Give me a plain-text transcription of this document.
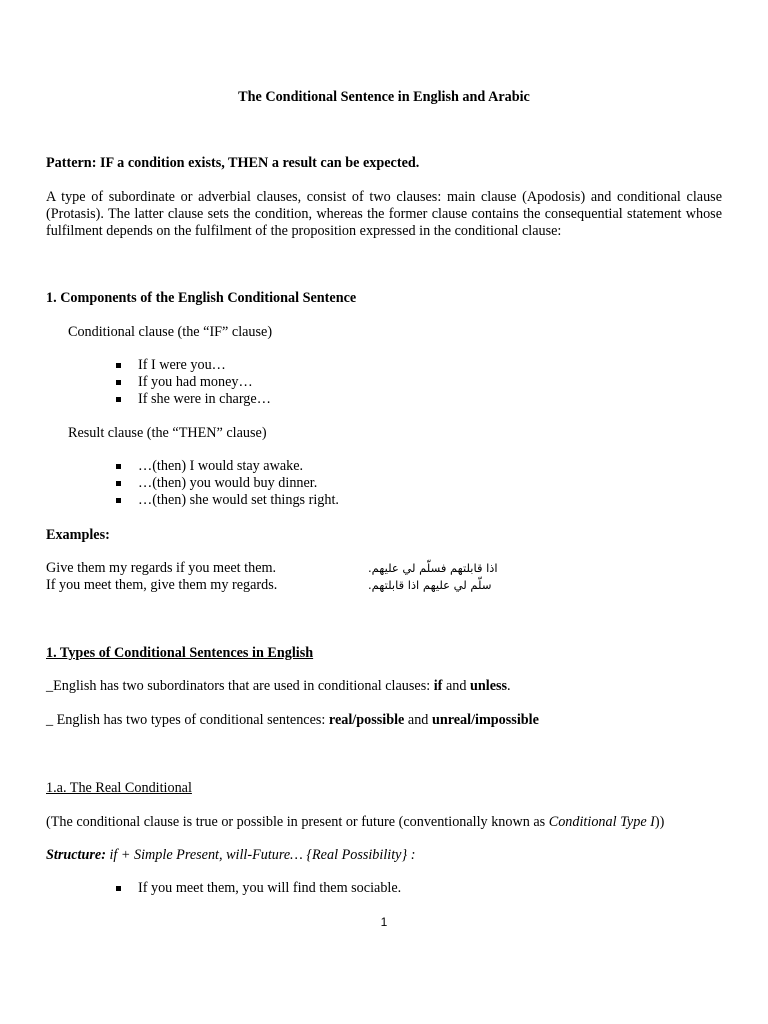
The Conditional Sentence in English and Arabic
Pattern: IF a condition exists, THEN a result can be expected.
A type of subordinate or adverbial clauses, consist of two clauses: main clause (Apodosis) and conditional clause (Protasis). The latter clause sets the condition, whereas the former clause contains the consequential statement whose fulfilment depends on the fulfilment of the proposition expressed in the conditional clause:
1. Components of the English Conditional Sentence
Conditional clause (the “IF” clause)
If I were you…
If you had money…
If she were in charge…
Result clause (the “THEN” clause)
…(then) I would stay awake.
…(then) you would buy dinner.
…(then) she would set things right.
Examples:
Give them my regards if you meet them.	اذا قابلتهم فسلّم لي عليهم.
If you meet them, give them my regards.	سلّم لي عليهم اذا قابلتهم.
1. Types of Conditional Sentences in English
_English has two subordinators that are used in conditional clauses: if and unless.
_ English has two types of conditional sentences: real/possible and unreal/impossible
1.a. The Real Conditional
(The conditional clause is true or possible in present or future (conventionally known as Conditional Type I))
Structure: if + Simple Present, will-Future… {Real Possibility} :
If you meet them, you will find them sociable.
1
